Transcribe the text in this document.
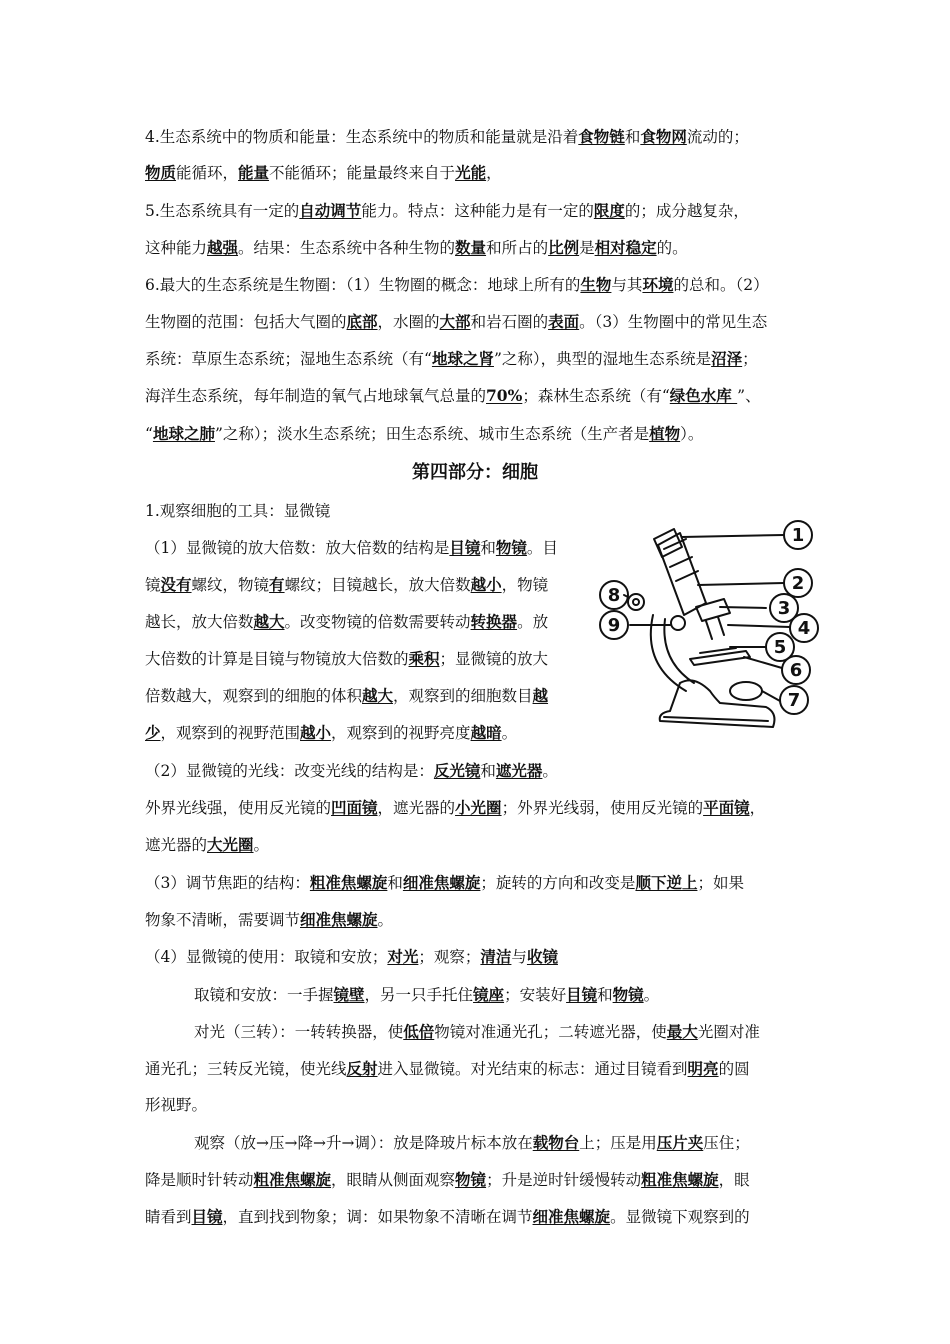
4.生态系统中的物质和能量：生态系统中的物质和能量就是沿着食物链和食物网流动的；
物质能循环，能量不能循环；能量最终来自于光能，
5.生态系统具有一定的自动调节能力。特点：这种能力是有一定的限度的；成分越复杂，
这种能力越强。结果：生态系统中各种生物的数量和所占的比例是相对稳定的。
6.最大的生态系统是生物圈：（1）生物圈的概念：地球上所有的生物与其环境的总和。（2）
生物圈的范围：包括大气圈的底部，水圈的大部和岩石圈的表面。（3）生物圈中的常见生态
系统：草原生态系统；湿地生态系统（有“地球之肾”之称），典型的湿地生态系统是沼泽；
海洋生态系统，每年制造的氧气占地球氧气总量的70%；森林生态系统（有“绿色水库 ”、
“地球之肺”之称）；淡水生态系统；田生态系统、城市生态系统（生产者是植物）。
1.观察细胞的工具：显微镜
（1）显微镜的放大倍数：放大倍数的结构是目镜和物镜。目
镜没有螺纹，物镜有螺纹；目镜越长，放大倍数越小，物镜
越长，放大倍数越大。改变物镜的倍数需要转动转换器。放
大倍数的计算是目镜与物镜放大倍数的乘积；显微镜的放大
倍数越大，观察到的细胞的体积越大，观察到的细胞数目越
少，观察到的视野范围越小，观察到的视野亮度越暗。
（2）显微镜的光线：改变光线的结构是：反光镜和遮光器。
外界光线强，使用反光镜的凹面镜，遮光器的小光圈；外界光线弱，使用反光镜的平面镜，
遮光器的大光圈。
（3）调节焦距的结构：粗准焦螺旋和细准焦螺旋；旋转的方向和改变是顺下逆上；如果
物象不清晰，需要调节细准焦螺旋。
（4）显微镜的使用：取镜和安放；对光；观察；清洁与收镜
取镜和安放：一手握镜壁，另一只手托住镜座；安装好目镜和物镜。
对光（三转）：一转转换器，使低倍物镜对准通光孔；二转遮光器，使最大光圈对准
通光孔；三转反光镜，使光线反射进入显微镜。对光结束的标志：通过目镜看到明亮的圆
形视野。
观察（放→压→降→升→调）：放是降玻片标本放在载物台上；压是用压片夹压住；
降是顺时针转动粗准焦螺旋，眼睛从侧面观察物镜；升是逆时针缓慢转动粗准焦螺旋，眼
睛看到目镜，直到找到物象；调：如果物象不清晰在调节细准焦螺旋。显微镜下观察到的
第四部分：细胞
1
2
3
4
5
6
7
8
9
